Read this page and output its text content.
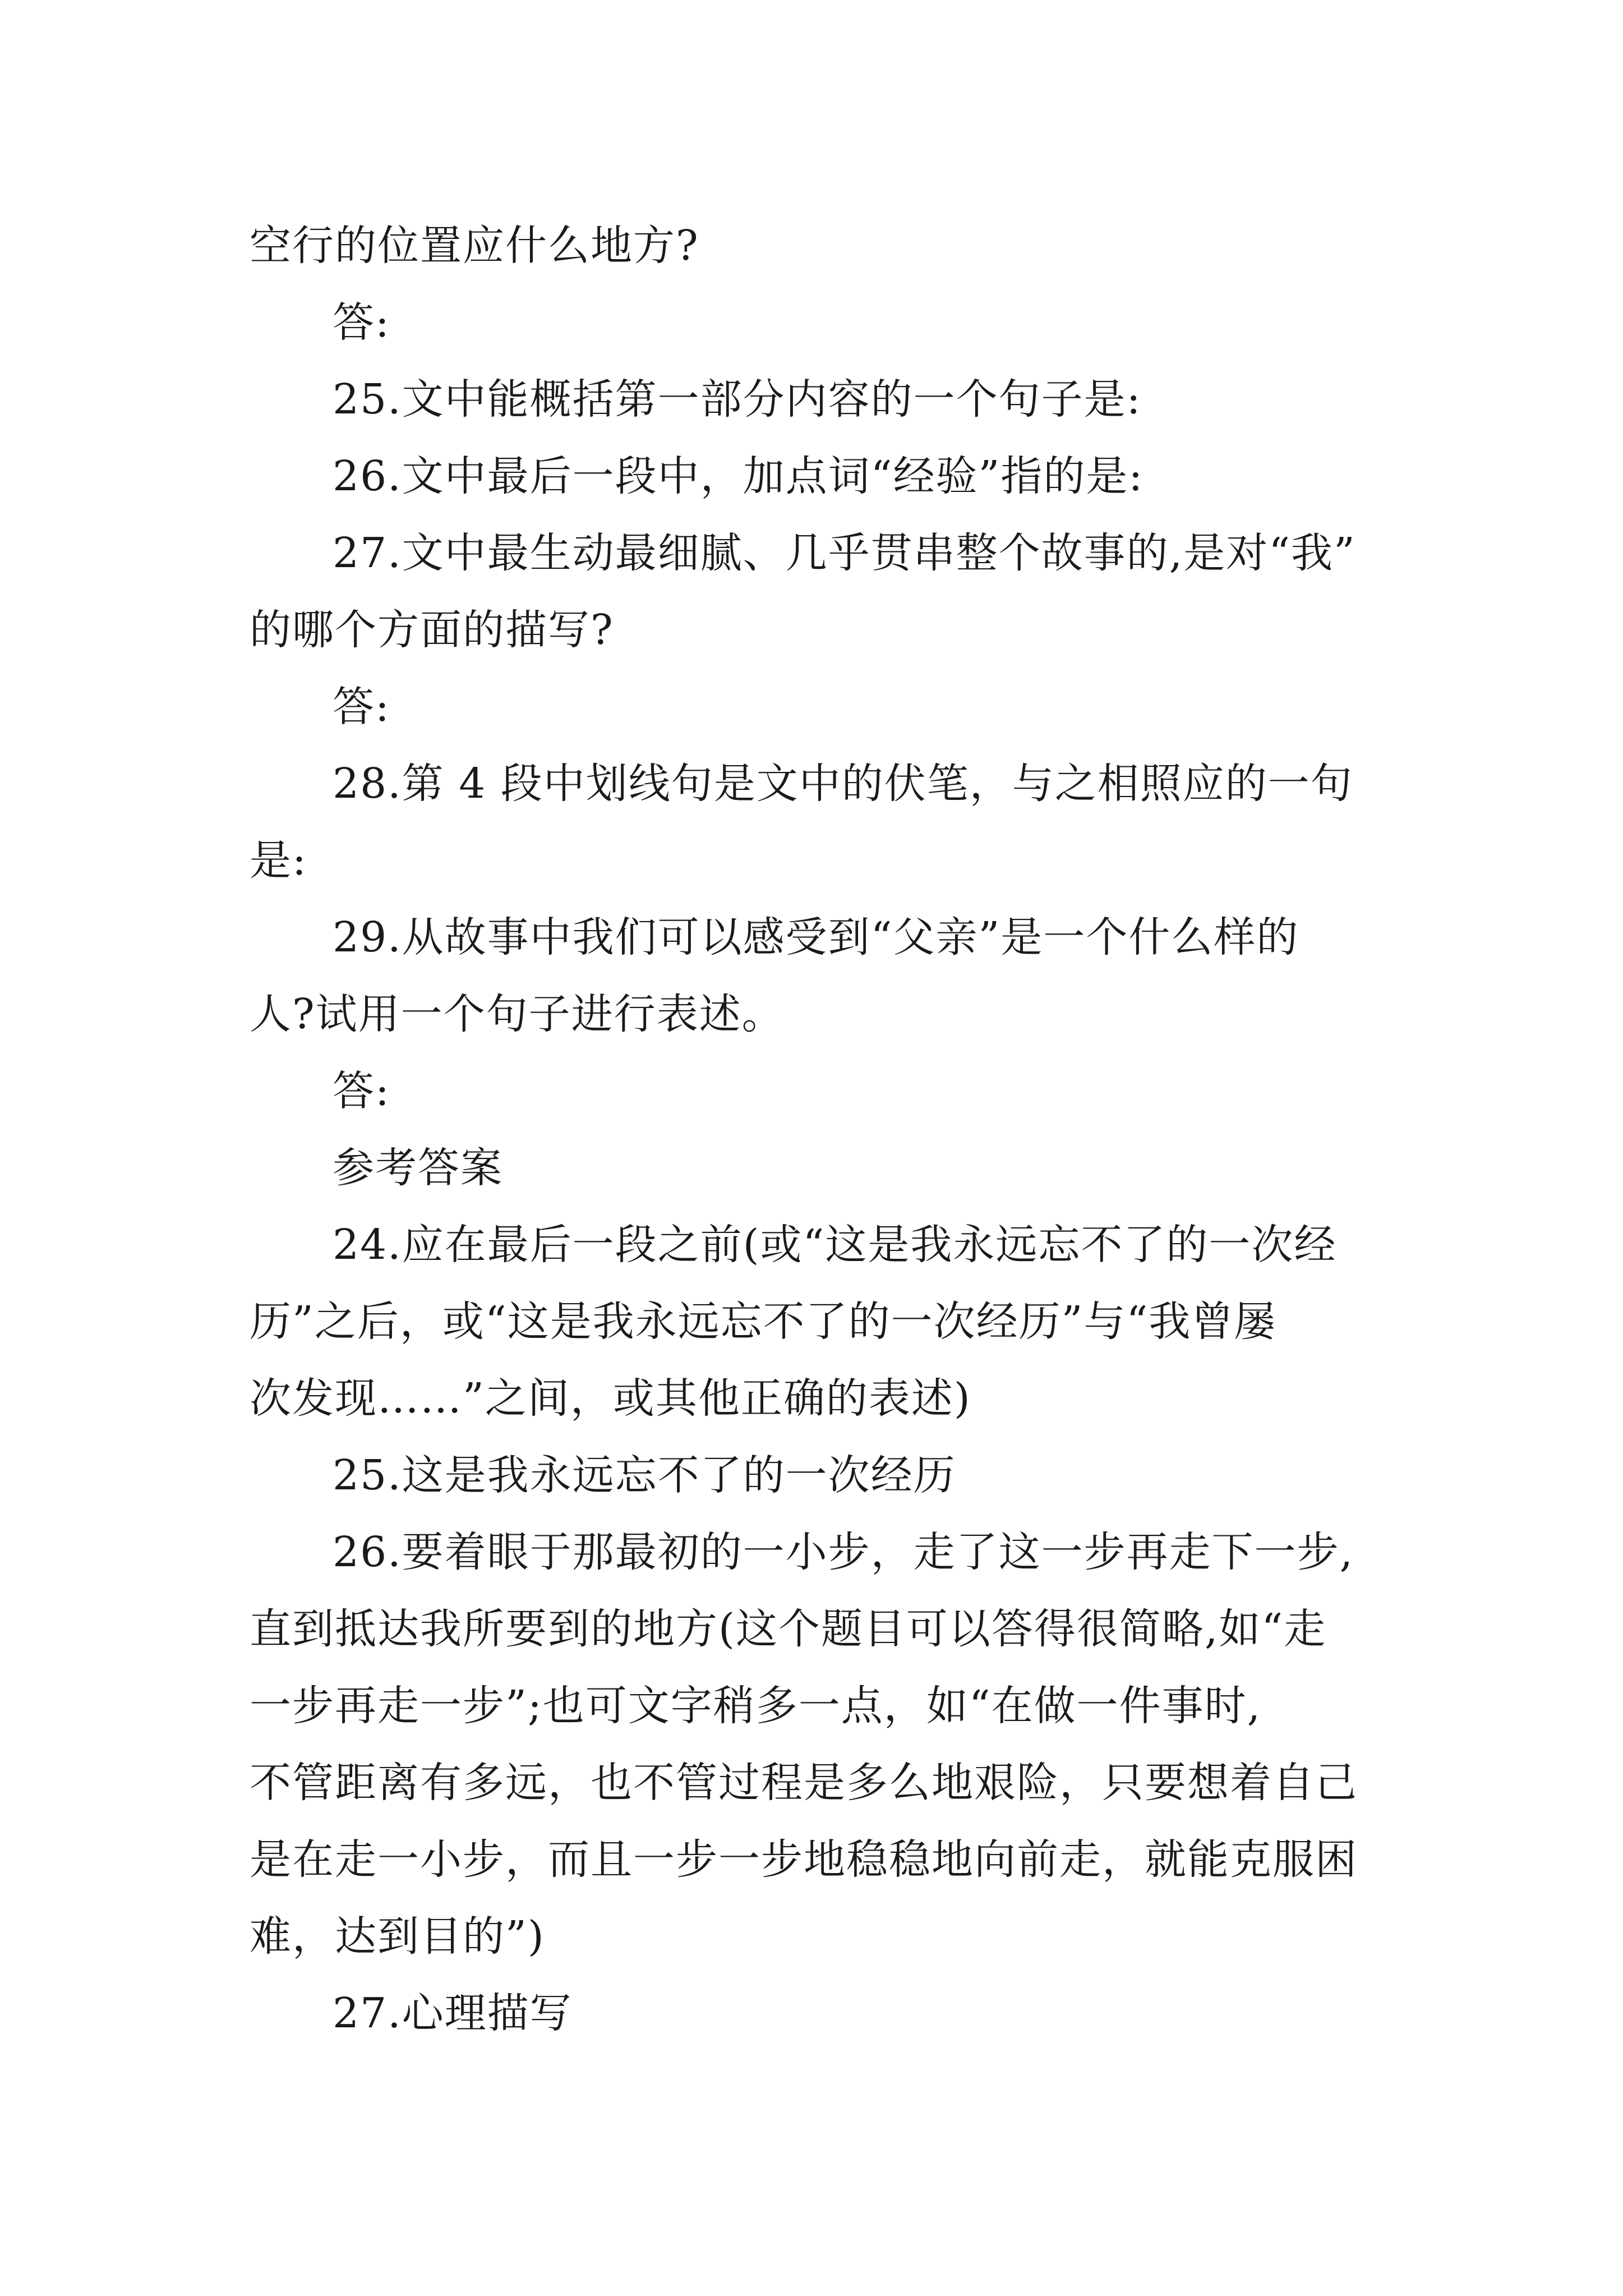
空行的位置应什么地方?
答:
25.文中能概括第一部分内容的一个句子是:
26.文中最后一段中，加点词“经验”指的是:
27.文中最生动最细腻、几乎贯串整个故事的,是对“我”
的哪个方面的描写?
答:
28.第 4 段中划线句是文中的伏笔，与之相照应的一句
是:
29.从故事中我们可以感受到“父亲”是一个什么样的
人?试用一个句子进行表述。
答:
参考答案
24.应在最后一段之前(或“这是我永远忘不了的一次经
历”之后，或“这是我永远忘不了的一次经历”与“我曾屡
次发现……”之间，或其他正确的表述)
25.这是我永远忘不了的一次经历
26.要着眼于那最初的一小步，走了这一步再走下一步,
直到抵达我所要到的地方(这个题目可以答得很简略,如“走
一步再走一步”;也可文字稍多一点，如“在做一件事时,
不管距离有多远，也不管过程是多么地艰险，只要想着自己
是在走一小步，而且一步一步地稳稳地向前走，就能克服困
难，达到目的”)
27.心理描写
